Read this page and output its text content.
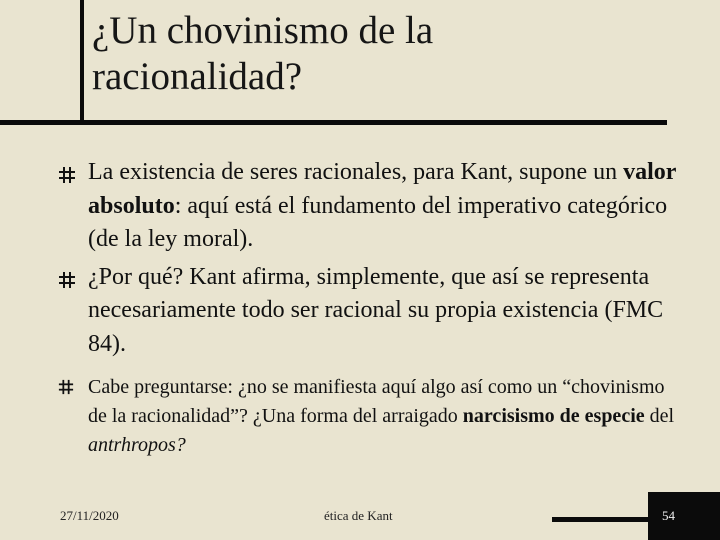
¿Un chovinismo de la
racionalidad?
La existencia de seres racionales, para Kant, supone un valor absoluto: aquí está el fundamento del imperativo categórico (de la ley moral).
¿Por qué? Kant afirma, simplemente, que así se representa necesariamente todo ser racional su propia existencia (FMC 84).
Cabe preguntarse: ¿no se manifiesta aquí algo así como un “chovinismo de la racionalidad”? ¿Una forma del arraigado narcisismo de especie del antrhropos?
27/11/2020	ética de Kant	54
